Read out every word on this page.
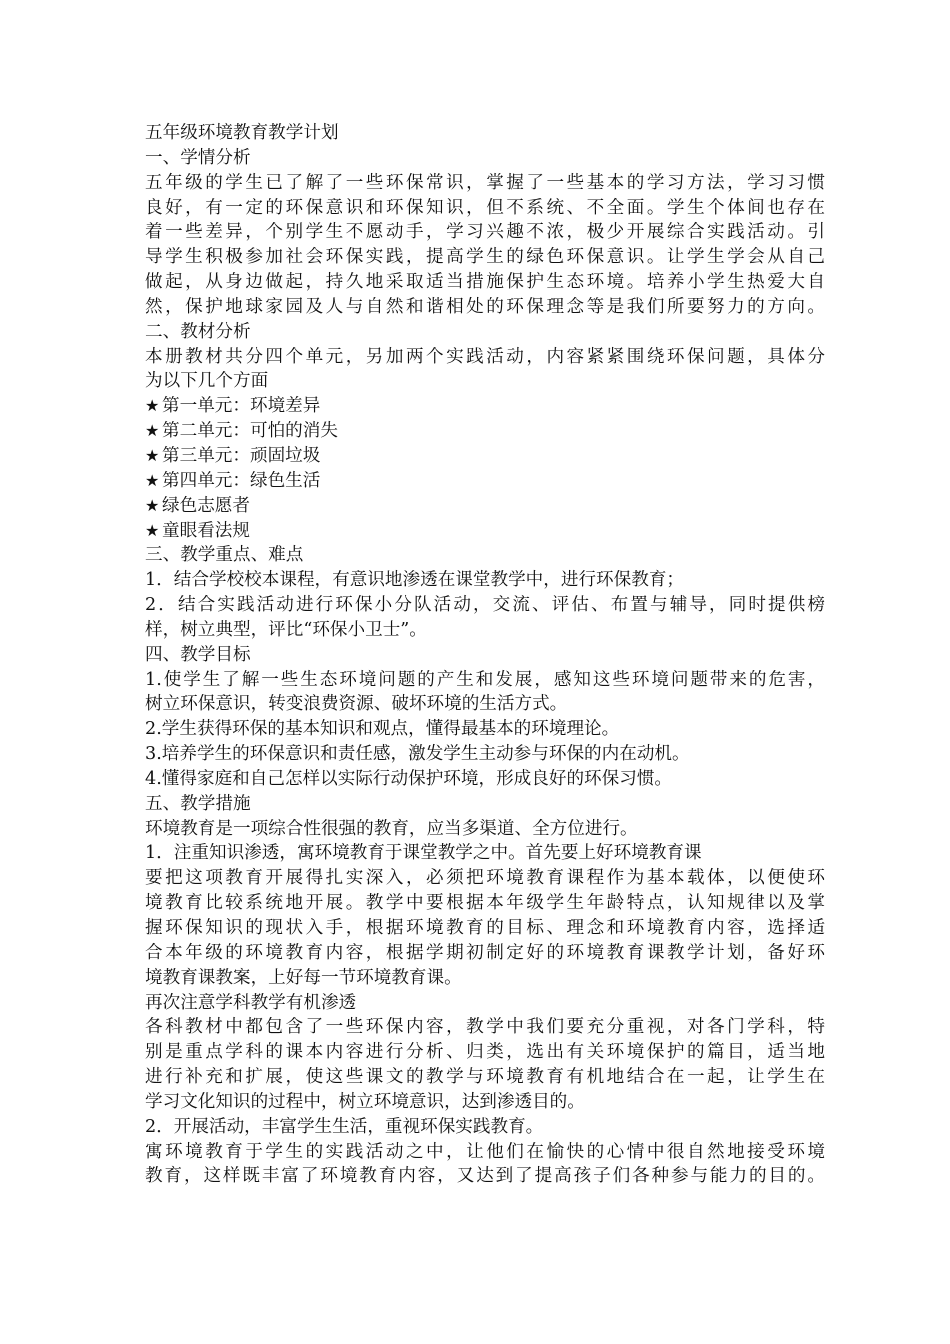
五年级环境教育教学计划
一、学情分析
五年级的学生已了解了一些环保常识，掌握了一些基本的学习方法，学习习惯
良好，有一定的环保意识和环保知识，但不系统、不全面。学生个体间也存在
着一些差异，个别学生不愿动手，学习兴趣不浓，极少开展综合实践活动。引
导学生积极参加社会环保实践，提高学生的绿色环保意识。让学生学会从自己
做起，从身边做起，持久地采取适当措施保护生态环境。培养小学生热爱大自
然，保护地球家园及人与自然和谐相处的环保理念等是我们所要努力的方向。
二、教材分析
本册教材共分四个单元，另加两个实践活动，内容紧紧围绕环保问题，具体分
为以下几个方面
★ 第一单元：环境差异
★ 第二单元：可怕的消失
★ 第三单元：顽固垃圾
★ 第四单元：绿色生活
★ 绿色志愿者
★ 童眼看法规
三、教学重点、难点
1．结合学校校本课程，有意识地渗透在课堂教学中，进行环保教育；
2．结合实践活动进行环保小分队活动，交流、评估、布置与辅导，同时提供榜
样，树立典型，评比“环保小卫士”。
四、教学目标
1.使学生了解一些生态环境问题的产生和发展，感知这些环境问题带来的危害，
树立环保意识，转变浪费资源、破坏环境的生活方式。
2.学生获得环保的基本知识和观点，懂得最基本的环境理论。
3.培养学生的环保意识和责任感，激发学生主动参与环保的内在动机。
4.懂得家庭和自己怎样以实际行动保护环境，形成良好的环保习惯。
五、教学措施
环境教育是一项综合性很强的教育，应当多渠道、全方位进行。
1．注重知识渗透，寓环境教育于课堂教学之中。首先要上好环境教育课
要把这项教育开展得扎实深入，必须把环境教育课程作为基本载体，以便使环
境教育比较系统地开展。教学中要根据本年级学生年龄特点，认知规律以及掌
握环保知识的现状入手，根据环境教育的目标、理念和环境教育内容，选择适
合本年级的环境教育内容，根据学期初制定好的环境教育课教学计划，备好环
境教育课教案，上好每一节环境教育课。
再次注意学科教学有机渗透
各科教材中都包含了一些环保内容，教学中我们要充分重视，对各门学科，特
别是重点学科的课本内容进行分析、归类，选出有关环境保护的篇目，适当地
进行补充和扩展，使这些课文的教学与环境教育有机地结合在一起，让学生在
学习文化知识的过程中，树立环境意识，达到渗透目的。
2．开展活动，丰富学生生活，重视环保实践教育。
寓环境教育于学生的实践活动之中，让他们在愉快的心情中很自然地接受环境
教育，这样既丰富了环境教育内容，又达到了提高孩子们各种参与能力的目的。
